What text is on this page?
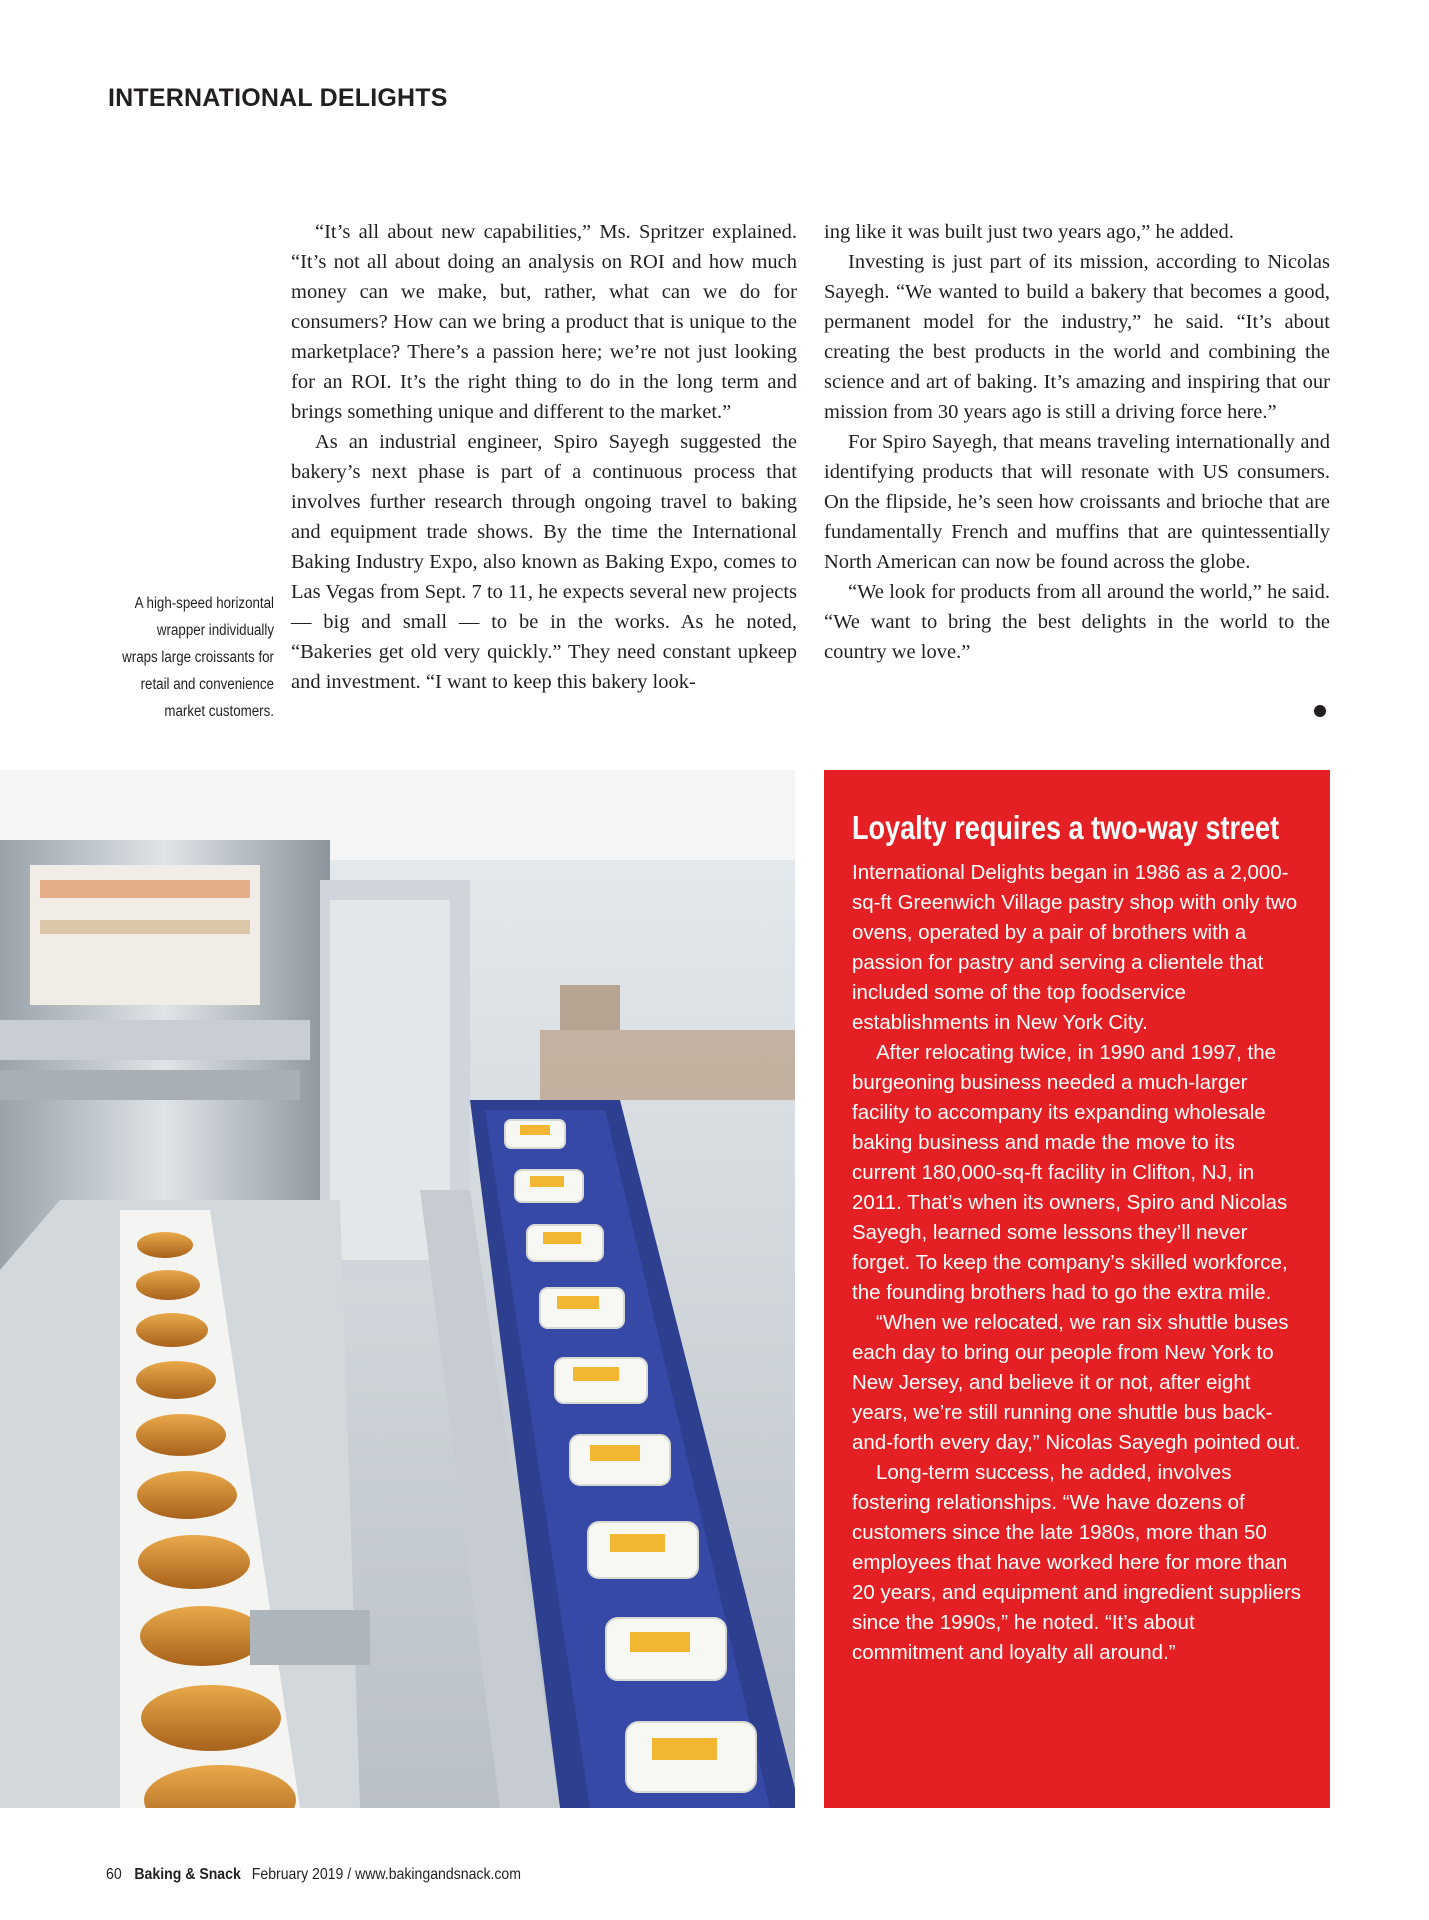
INTERNATIONAL DELIGHTS

“It’s all about new capabilities,” Ms. Spritzer explained. “It’s not all about doing an analysis on ROI and how much money can we make, but, rather, what can we do for consumers? How can we bring a product that is unique to the marketplace? There’s a passion here; we’re not just looking for an ROI. It’s the right thing to do in the long term and brings something unique and different to the market.”

As an industrial engineer, Spiro Sayegh suggested the bakery’s next phase is part of a continuous process that involves further research through ongoing travel to baking and equipment trade shows. By the time the International Baking Industry Expo, also known as Baking Expo, comes to Las Vegas from Sept. 7 to 11, he expects several new projects — big and small — to be in the works. As he noted, “Bakeries get old very quickly.” They need constant upkeep and investment. “I want to keep this bakery look-

ing like it was built just two years ago,” he added.

Investing is just part of its mission, according to Nicolas Sayegh. “We wanted to build a bakery that becomes a good, permanent model for the industry,” he said. “It’s about creating the best products in the world and combining the science and art of baking. It’s amazing and inspiring that our mission from 30 years ago is still a driving force here.”

For Spiro Sayegh, that means traveling internationally and identifying products that will resonate with US consumers. On the flipside, he’s seen how croissants and brioche that are fundamentally French and muffins that are quintessentially North American can now be found across the globe.

“We look for products from all around the world,” he said. “We want to bring the best delights in the world to the country we love.”

A high-speed horizontal wrapper individually wraps large croissants for retail and convenience market customers.
Loyalty requires a two-way street

International Delights began in 1986 as a 2,000-sq-ft Greenwich Village pastry shop with only two ovens, operated by a pair of brothers with a passion for pastry and serving a clientele that included some of the top foodservice establishments in New York City.

After relocating twice, in 1990 and 1997, the burgeoning business needed a much-larger facility to accompany its expanding wholesale baking business and made the move to its current 180,000-sq-ft facility in Clifton, NJ, in 2011. That’s when its owners, Spiro and Nicolas Sayegh, learned some lessons they’ll never forget. To keep the company’s skilled workforce, the founding brothers had to go the extra mile.

“When we relocated, we ran six shuttle buses each day to bring our people from New York to New Jersey, and believe it or not, after eight years, we’re still running one shuttle bus back-and-forth every day,” Nicolas Sayegh pointed out.

Long-term success, he added, involves fostering relationships. “We have dozens of customers since the late 1980s, more than 50 employees that have worked here for more than 20 years, and equipment and ingredient suppliers since the 1990s,” he noted. “It’s about commitment and loyalty all around.”

60 Baking & Snack February 2019 / www.bakingandsnack.com
